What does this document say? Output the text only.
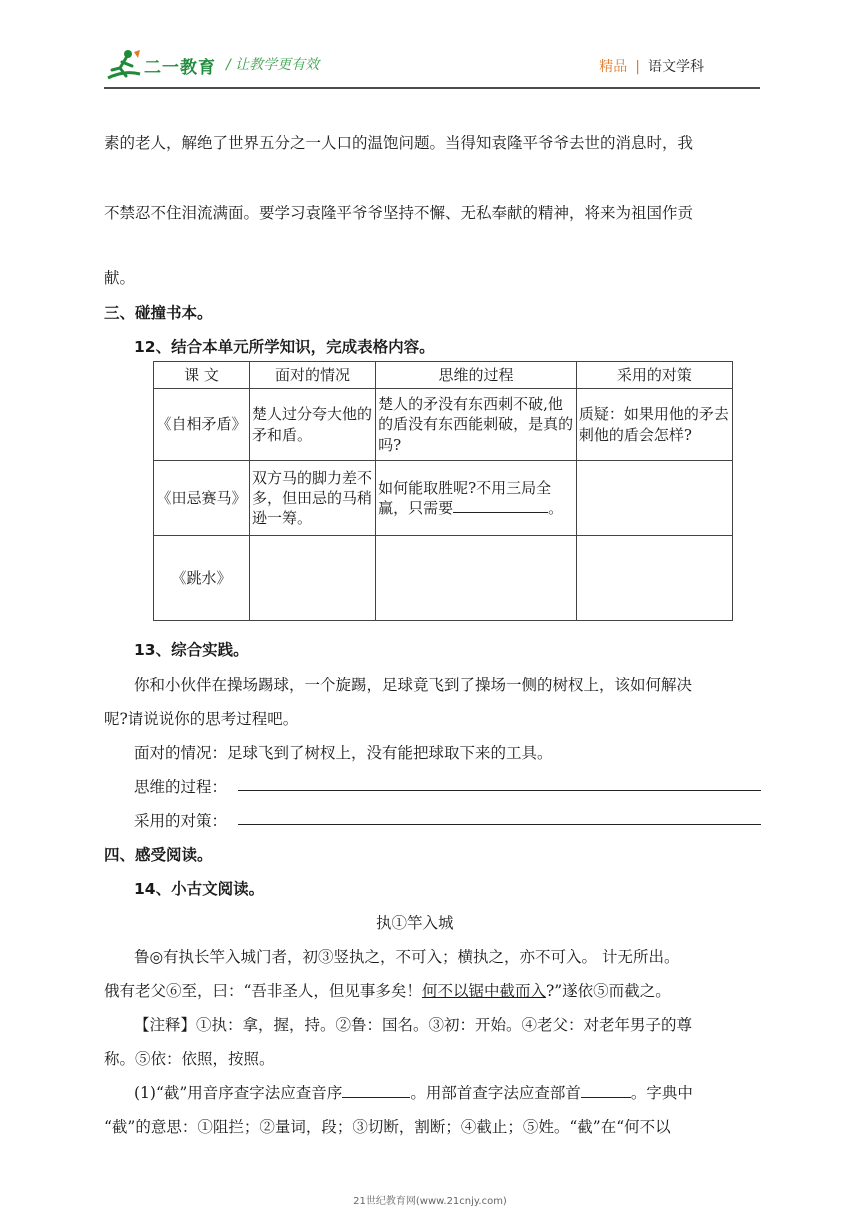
二一教育 / 让教学更有效	精品 | 语文学科
素的老人，解绝了世界五分之一人口的温饱问题。当得知袁隆平爷爷去世的消息时，我
不禁忍不住泪流满面。要学习袁隆平爷爷坚持不懈、无私奉献的精神，将来为祖国作贡
献。
三、碰撞书本。
12、结合本单元所学知识，完成表格内容。
课 文	面对的情况	思维的过程	采用的对策
《自相矛盾》	楚人过分夸大他的矛和盾。	楚人的矛没有东西刺不破,他的盾没有东西能刺破，是真的吗?	质疑：如果用他的矛去刺他的盾会怎样?
《田忌赛马》	双方马的脚力差不多，但田忌的马稍逊一筹。	如何能取胜呢?不用三局全赢，只需要 。	
《跳水》			
13、综合实践。
你和小伙伴在操场踢球，一个旋踢，足球竟飞到了操场一侧的树杈上，该如何解决
呢?请说说你的思考过程吧。
面对的情况：足球飞到了树杈上，没有能把球取下来的工具。
思维的过程：
采用的对策：
四、感受阅读。
14、小古文阅读。
执①竿入城
鲁◎有执长竿入城门者，初③竖执之，不可入；横执之，亦不可入。 计无所出。
俄有老父⑥至，曰：“吾非圣人，但见事多矣！何不以锯中截而入?”遂依⑤而截之。
【注释】①执：拿，握，持。②鲁：国名。③初：开始。④老父：对老年男子的尊
称。⑤依：依照，按照。
(1)“截”用音序查字法应查音序	。用部首查字法应查部首	。字典中
“截”的意思：①阻拦；②量词，段；③切断，割断；④截止；⑤姓。“截”在“何不以
21世纪教育网(www.21cnjy.com)
